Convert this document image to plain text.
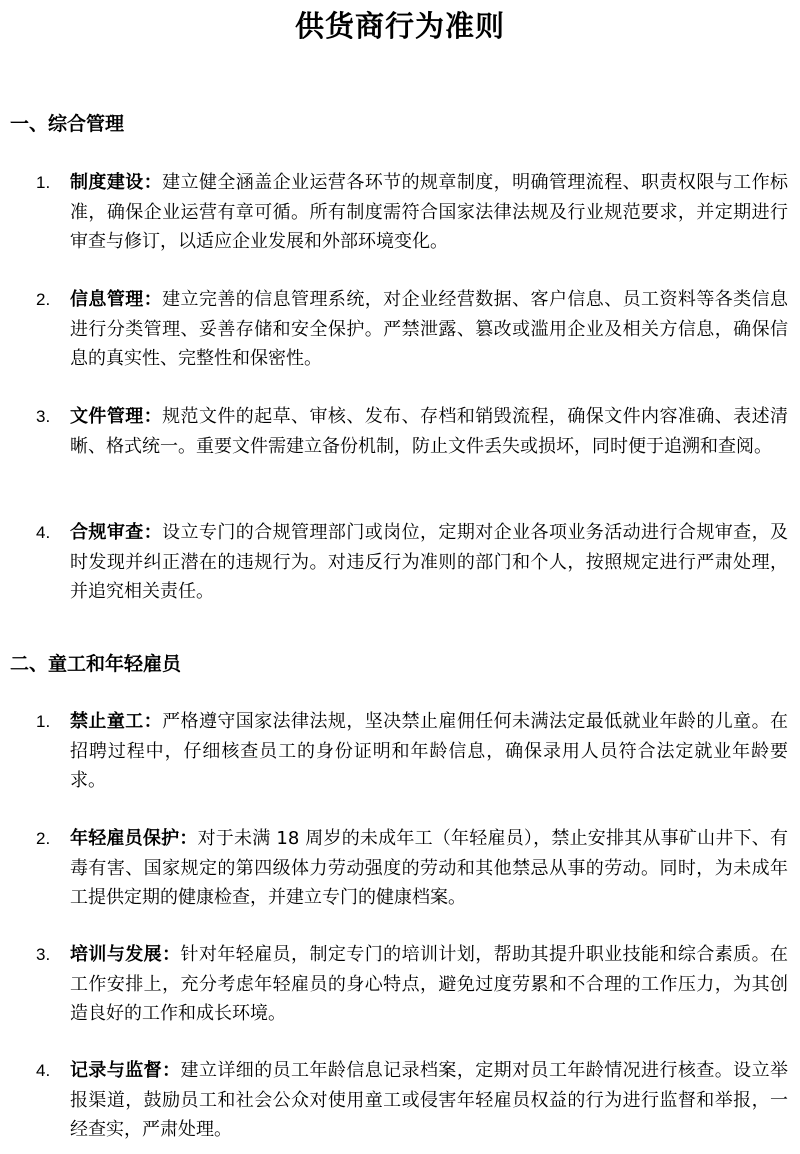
供货商行为准则
一、综合管理
1.	制度建设：建立健全涵盖企业运营各环节的规章制度，明确管理流程、职责权限与工作标准，确保企业运营有章可循。所有制度需符合国家法律法规及行业规范要求，并定期进行审查与修订，以适应企业发展和外部环境变化。
2.	信息管理：建立完善的信息管理系统，对企业经营数据、客户信息、员工资料等各类信息进行分类管理、妥善存储和安全保护。严禁泄露、篡改或滥用企业及相关方信息，确保信息的真实性、完整性和保密性。
3.	文件管理：规范文件的起草、审核、发布、存档和销毁流程，确保文件内容准确、表述清晰、格式统一。重要文件需建立备份机制，防止文件丢失或损坏，同时便于追溯和查阅。
4.	合规审查：设立专门的合规管理部门或岗位，定期对企业各项业务活动进行合规审查，及时发现并纠正潜在的违规行为。对违反行为准则的部门和个人，按照规定进行严肃处理，并追究相关责任。
二、童工和年轻雇员
1.	禁止童工：严格遵守国家法律法规，坚决禁止雇佣任何未满法定最低就业年龄的儿童。在招聘过程中，仔细核查员工的身份证明和年龄信息，确保录用人员符合法定就业年龄要求。
2.	年轻雇员保护：对于未满 18 周岁的未成年工（年轻雇员），禁止安排其从事矿山井下、有毒有害、国家规定的第四级体力劳动强度的劳动和其他禁忌从事的劳动。同时，为未成年工提供定期的健康检查，并建立专门的健康档案。
3.	培训与发展：针对年轻雇员，制定专门的培训计划，帮助其提升职业技能和综合素质。在工作安排上，充分考虑年轻雇员的身心特点，避免过度劳累和不合理的工作压力，为其创造良好的工作和成长环境。
4.	记录与监督：建立详细的员工年龄信息记录档案，定期对员工年龄情况进行核查。设立举报渠道，鼓励员工和社会公众对使用童工或侵害年轻雇员权益的行为进行监督和举报，一经查实，严肃处理。
